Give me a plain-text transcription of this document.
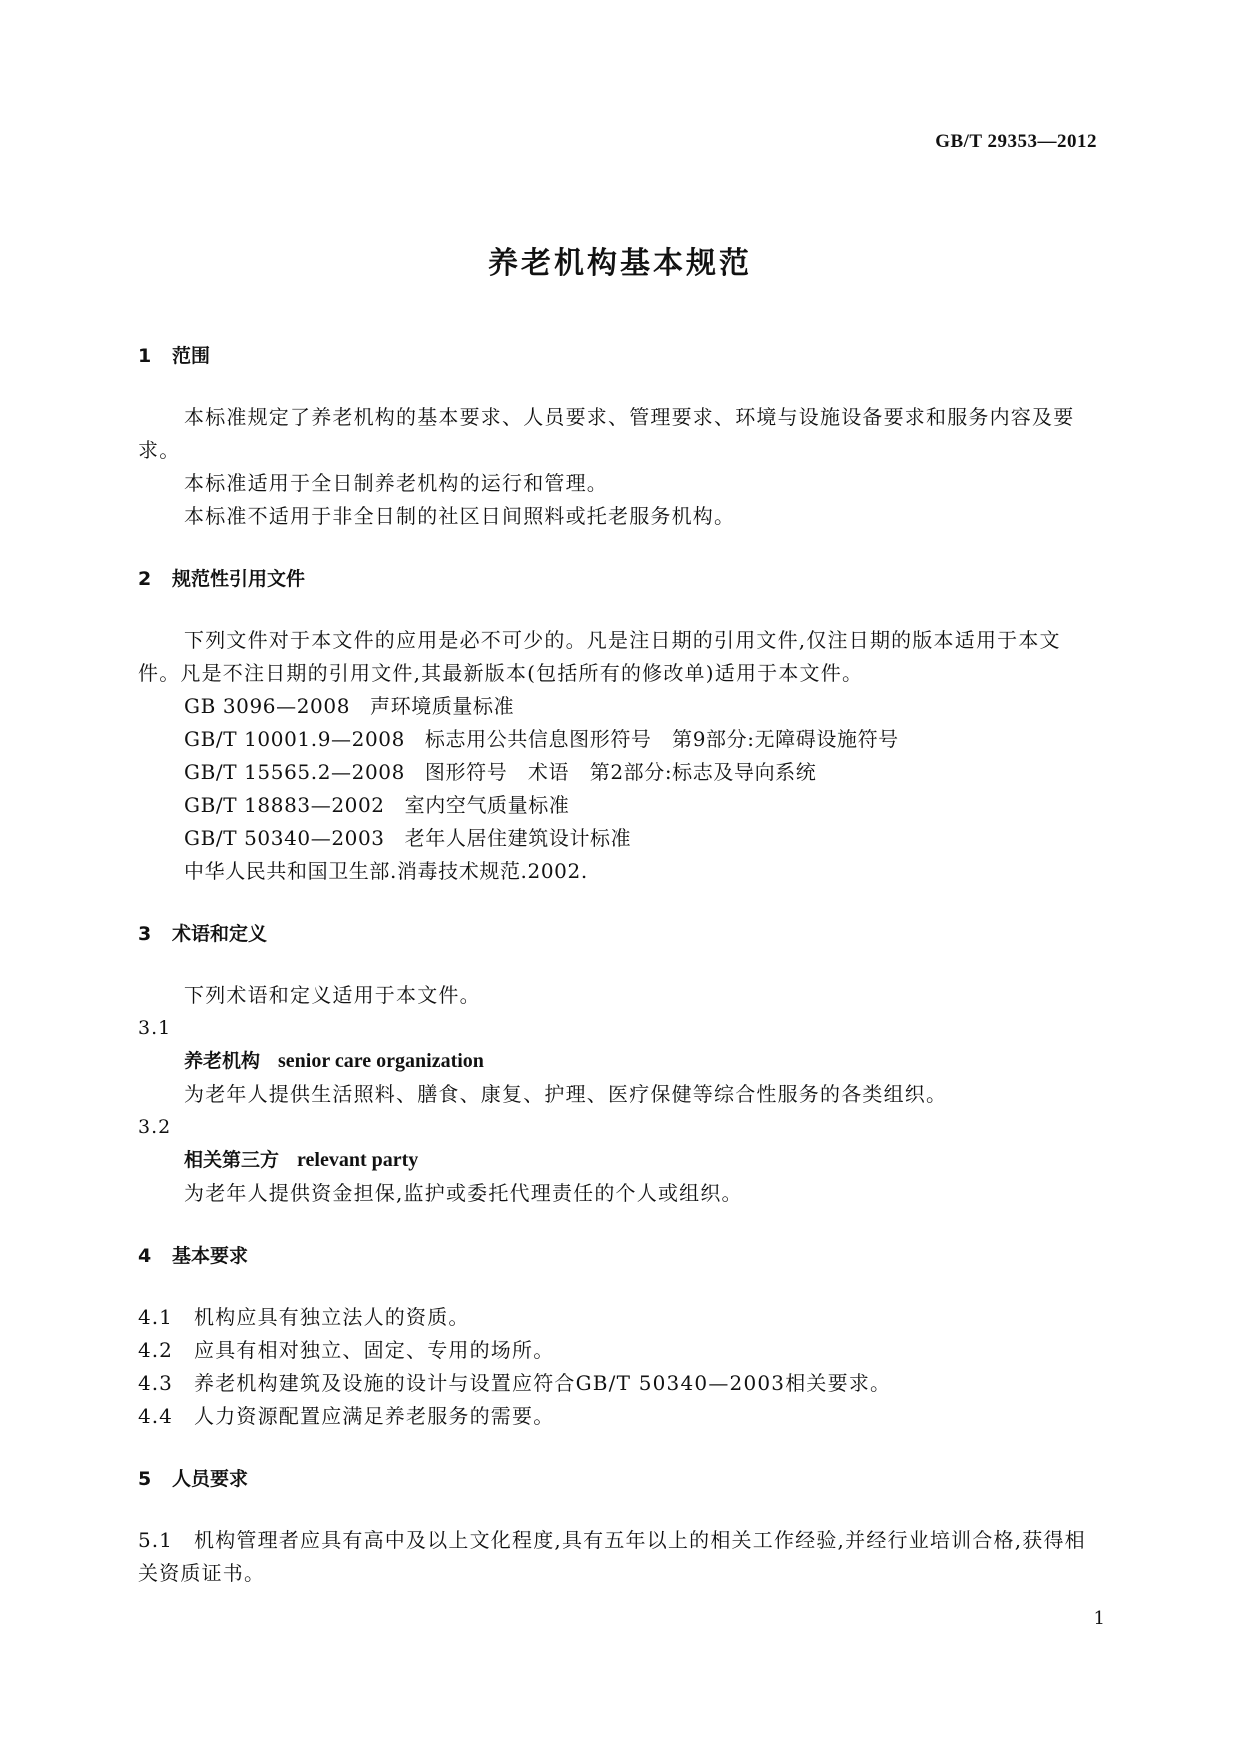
GB/T 29353—2012
养老机构基本规范
1 范围

本标准规定了养老机构的基本要求、人员要求、管理要求、环境与设施设备要求和服务内容及要求。

本标准适用于全日制养老机构的运行和管理。

本标准不适用于非全日制的社区日间照料或托老服务机构。

2 规范性引用文件

下列文件对于本文件的应用是必不可少的。凡是注日期的引用文件,仅注日期的版本适用于本文件。凡是不注日期的引用文件,其最新版本(包括所有的修改单)适用于本文件。

GB 3096—2008 声环境质量标准

GB/T 10001.9—2008 标志用公共信息图形符号　第9部分:无障碍设施符号

GB/T 15565.2—2008 图形符号　术语　第2部分:标志及导向系统

GB/T 18883—2002 室内空气质量标准

GB/T 50340—2003 老年人居住建筑设计标准

中华人民共和国卫生部.消毒技术规范.2002.

3 术语和定义

下列术语和定义适用于本文件。

3.1

养老机构 senior care organization

为老年人提供生活照料、膳食、康复、护理、医疗保健等综合性服务的各类组织。

3.2

相关第三方 relevant party

为老年人提供资金担保,监护或委托代理责任的个人或组织。

4 基本要求

4.1 机构应具有独立法人的资质。

4.2 应具有相对独立、固定、专用的场所。

4.3 养老机构建筑及设施的设计与设置应符合GB/T 50340—2003相关要求。

4.4 人力资源配置应满足养老服务的需要。

5 人员要求

5.1 机构管理者应具有高中及以上文化程度,具有五年以上的相关工作经验,并经行业培训合格,获得相关资质证书。

1
